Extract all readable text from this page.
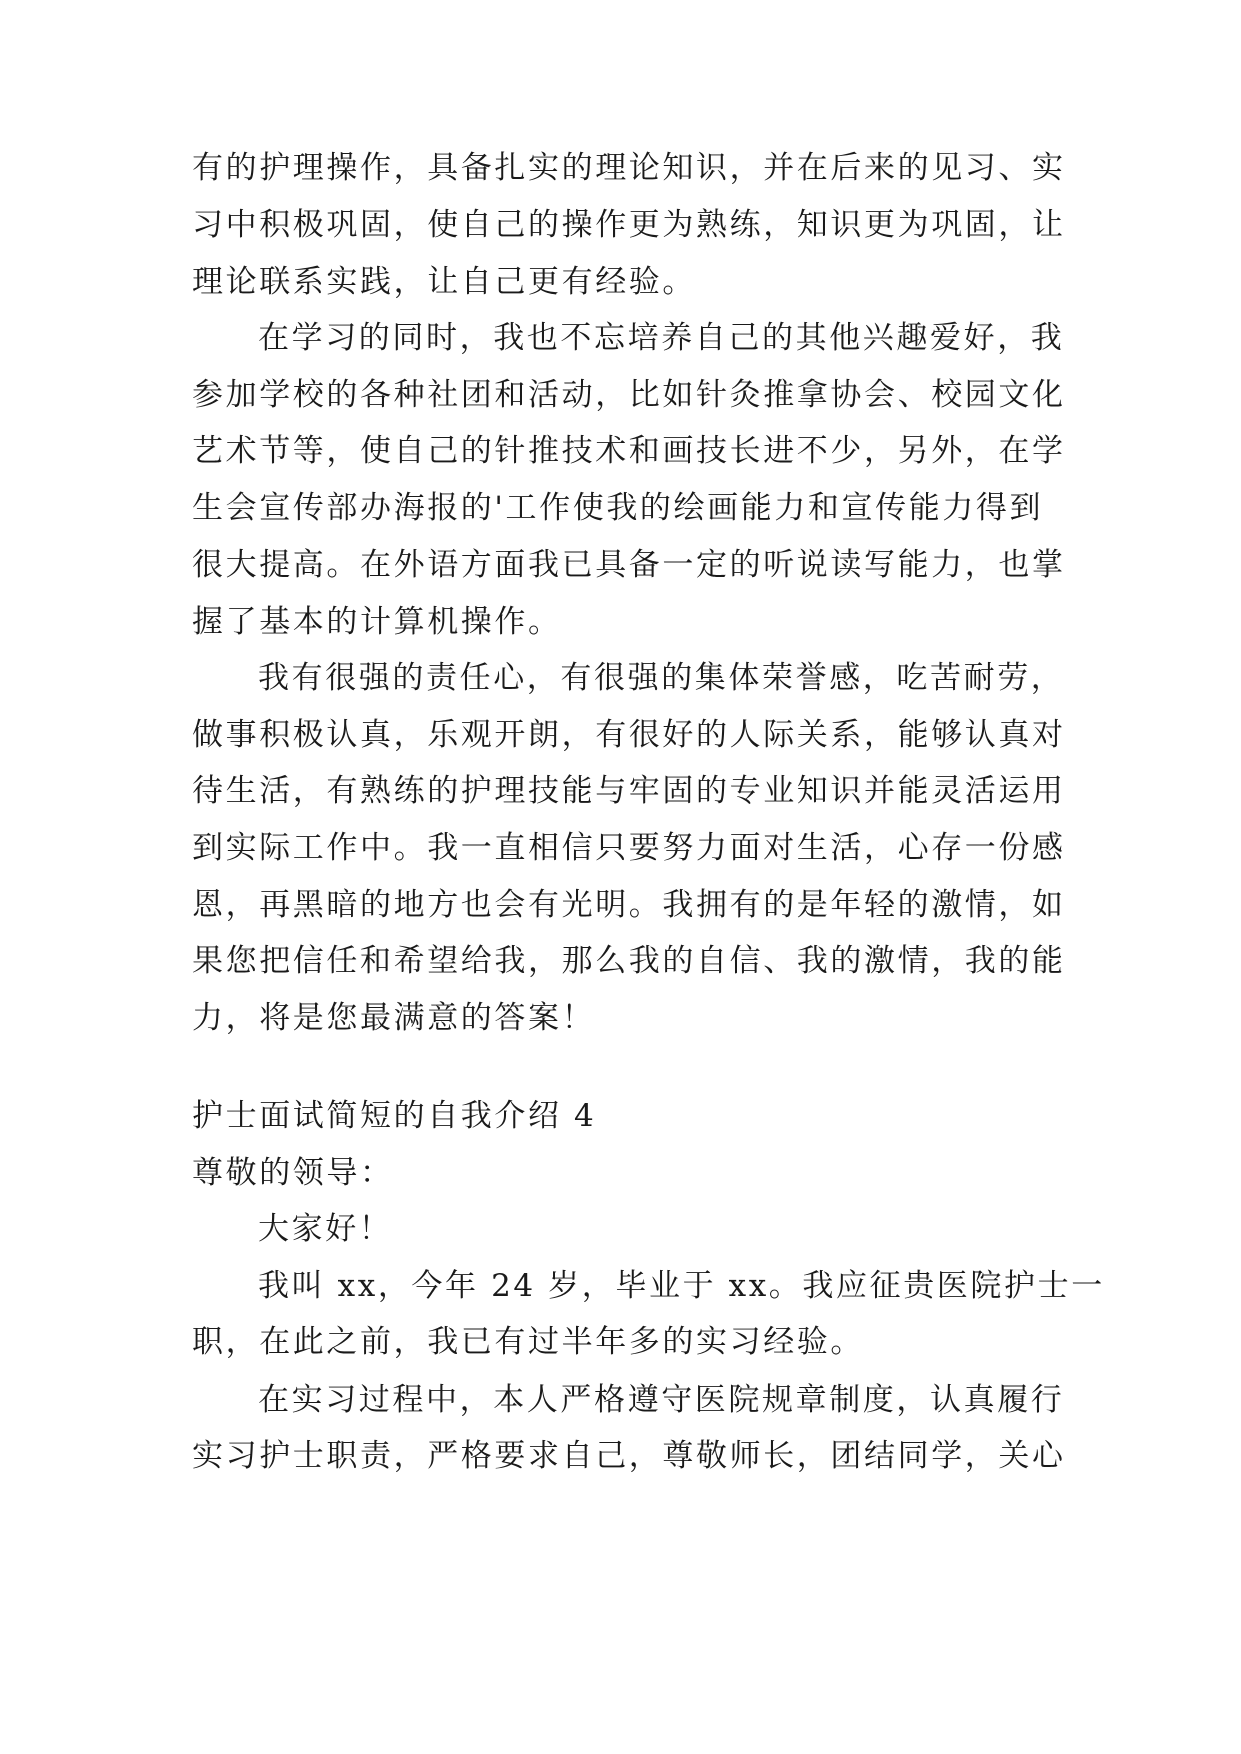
有的护理操作，具备扎实的理论知识，并在后来的见习、实
习中积极巩固，使自己的操作更为熟练，知识更为巩固，让
理论联系实践，让自己更有经验。
在学习的同时，我也不忘培养自己的其他兴趣爱好，我
参加学校的各种社团和活动，比如针灸推拿协会、校园文化
艺术节等，使自己的针推技术和画技长进不少，另外，在学
生会宣传部办海报的'工作使我的绘画能力和宣传能力得到
很大提高。在外语方面我已具备一定的听说读写能力，也掌
握了基本的计算机操作。
我有很强的责任心，有很强的集体荣誉感，吃苦耐劳，
做事积极认真，乐观开朗，有很好的人际关系，能够认真对
待生活，有熟练的护理技能与牢固的专业知识并能灵活运用
到实际工作中。我一直相信只要努力面对生活，心存一份感
恩，再黑暗的地方也会有光明。我拥有的是年轻的激情，如
果您把信任和希望给我，那么我的自信、我的激情，我的能
力，将是您最满意的答案！
护士面试简短的自我介绍 4
尊敬的领导：
大家好！
我叫 xx，今年 24 岁，毕业于 xx。我应征贵医院护士一
职，在此之前，我已有过半年多的实习经验。
在实习过程中，本人严格遵守医院规章制度，认真履行
实习护士职责，严格要求自己，尊敬师长，团结同学，关心
